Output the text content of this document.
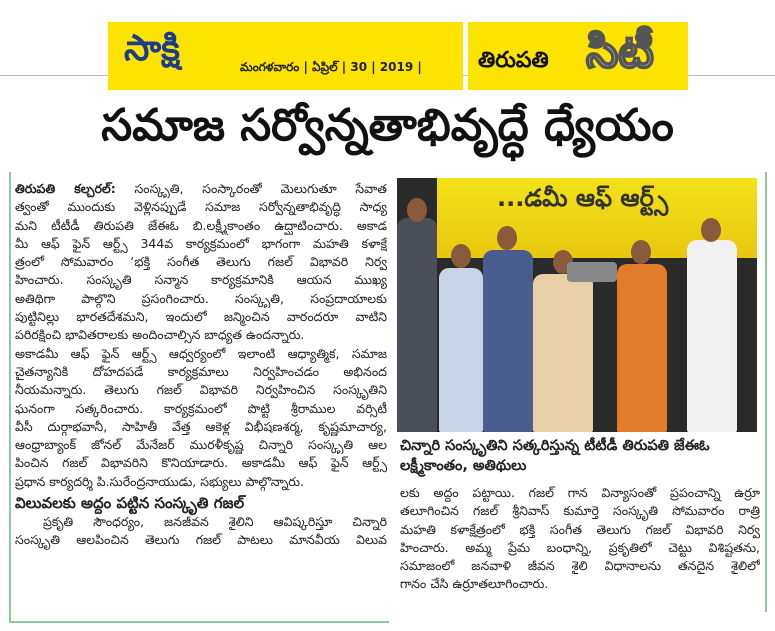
సాక్షి	మంగళవారం | ఏప్రిల్ | 30 | 2019 |	తిరుపతి సిటీ
సమాజ సర్వోన్నతాభివృద్ధే ధ్యేయం
తిరుపతి కల్చరల్: సంస్కృతి, సంస్కారంతో మెలుగుతూ సేవాత
త్వంతో ముందుకు వెళ్లినప్పుడే సమాజ సర్వోన్నతాభివృద్ధి సాధ్య
మని టీటీడీ తిరుపతి జేఈఓ బి.లక్ష్మీకాంతం ఉద్ఘాటించారు. అకాడ
మీ ఆఫ్ ఫైన్ ఆర్ట్స్ 344వ కార్యక్రమంలో భాగంగా మహతి కళాక్షే
త్రంలో సోమవారం ‘భక్తి సంగీత తెలుగు గజల్ విభావరి నిర్వ
హించారు. సంస్కృతి సన్మాన కార్యక్రమానికి ఆయన ముఖ్య
అతిథిగా పాల్గొని ప్రసంగించారు. సంస్కృతి, సంప్రదాయాలకు
పుట్టినిల్లు భారతదేశమని, ఇందులో జన్మించిన వారందరూ వాటిని
పరిరక్షించి భావితరాలకు అందించాల్సిన బాధ్యత ఉందన్నారు.
అకాడమీ ఆఫ్ ఫైన్ ఆర్ట్స్ ఆధ్వర్యంలో ఇలాంటి ఆధ్యాత్మిక, సమాజ
చైతన్యానికి దోహదపడే కార్యక్రమాలు నిర్వహించడం అభినంద
నీయమన్నారు. తెలుగు గజల్ విభావరి నిర్వహించిన సంస్కృతిని
ఘనంగా సత్కరించారు. కార్యక్రమంలో పొట్టి శ్రీరాముల వర్సిటీ
వీసీ దుర్గాభవానీ, సాహితీ వేత్త ఆకెళ్ల విభీషణశర్మ, కృష్ణమాచార్య,
ఆంధ్రాబ్యాంక్ జోనల్ మేనేజర్ మురళీకృష్ణ చిన్నారి సంస్కృతి ఆల
పించిన గజల్ విభావరిని కొనియాడారు. అకాడమీ ఆఫ్ ఫైన్ ఆర్ట్స్
ప్రధాన కార్యదర్శి పి.సురేంద్రనాయుడు, సభ్యులు పాల్గొన్నారు.
విలువలకు అద్దం పట్టిన సంస్కృతి గజల్
ప్రకృతి సౌంధర్యం, జనజీవన శైలిని ఆవిష్కరిస్తూ చిన్నారి
సంస్కృతి ఆలపించిన తెలుగు గజల్ పాటలు మానవీయ విలువ
...డమీ ఆఫ్ ఆర్ట్స్
చిన్నారి సంస్కృతిని సత్కరిస్తున్న టీటీడీ తిరుపతి జేఈఓ
లక్ష్మీకాంతం, అతిథులు
లకు అద్దం పట్టాయి. గజల్ గాన విన్యాసంతో ప్రపంచాన్ని ఉర్రూ
తలూగించిన గజల్ శ్రీనివాస్ కుమార్తె సంస్కృతి సోమవారం రాత్రి
మహతి కళాక్షేత్రంలో భక్తి సంగీత తెలుగు గజల్ విభావరి నిర్వ
హించారు. అమ్మ ప్రేమ బంధాన్ని, ప్రకృతిలో చెట్టు విశిష్టతను,
సమాజంలో జనవాళి జీవన శైలి విధానాలను తనదైన శైలిలో
గానం చేసి ఉర్రూతలూగించారు.
